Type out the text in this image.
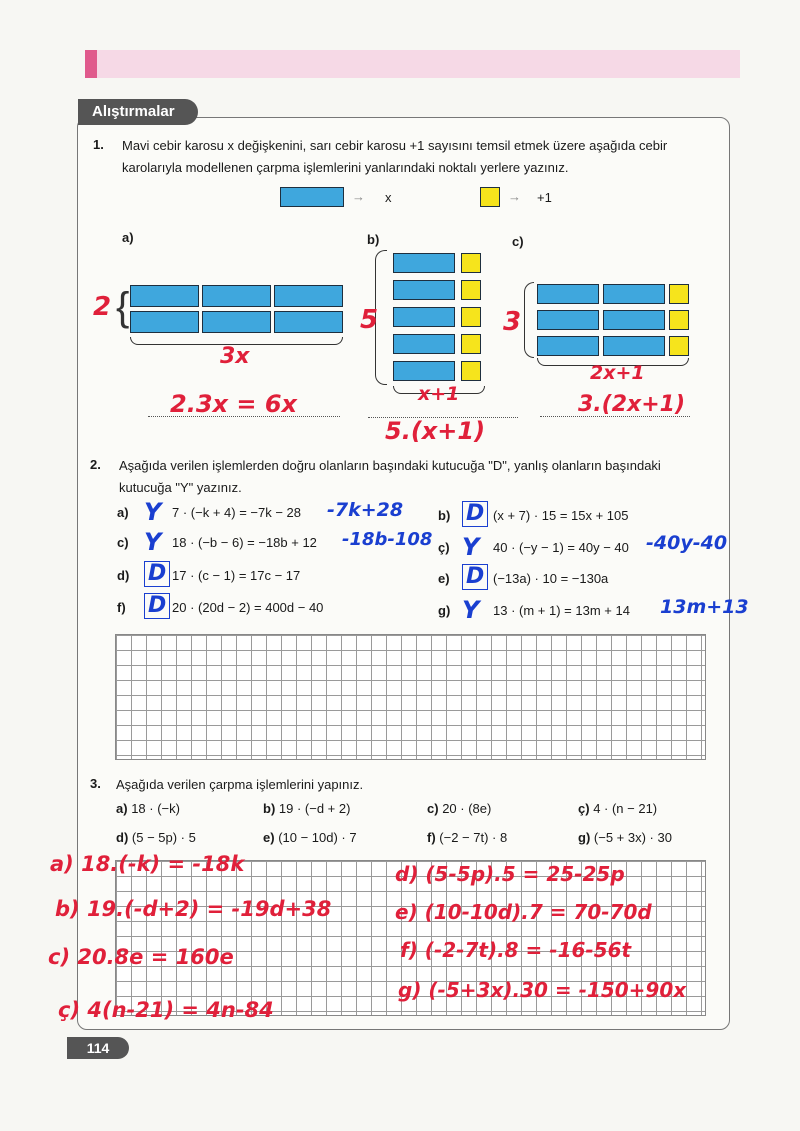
Alıştırmalar
1. Mavi cebir karosu x değişkenini, sarı cebir karosu +1 sayısını temsil etmek üzere aşağıda cebir
karolarıyla modellenen çarpma işlemlerini yanlarındaki noktalı yerlere yazınız.
→ x	→ +1
a)	b)	c)
{
2
3x
2.3x = 6x
5
x+1
5.(x+1)
3
2x+1
3.(2x+1)
2. Aşağıda verilen işlemlerden doğru olanların başındaki kutucuğa "D", yanlış olanların başındaki
kutucuğa "Y" yazınız.
a) Y 7 · (−k + 4) = −7k − 28 -7k+28
c) Y 18 · (−b − 6) = −18b + 12 -18b-108
d) D 17 · (c − 1) = 17c − 17
f) D 20 · (20d − 2) = 400d − 40
b) D (x + 7) · 15 = 15x + 105
ç) Y 40 · (−y − 1) = 40y − 40 -40y-40
e) D (−13a) · 10 = −130a
g) Y 13 · (m + 1) = 13m + 14 13m+13
3. Aşağıda verilen çarpma işlemlerini yapınız.
a) 18 · (−k)	b) 19 · (−d + 2)	c) 20 · (8e)	ç) 4 · (n − 21)
d) (5 − 5p) · 5	e) (10 − 10d) · 7	f) (−2 − 7t) · 8	g) (−5 + 3x) · 30
a) 18.(-k) = -18k
b) 19.(-d+2) = -19d+38
c) 20.8e = 160e
ç) 4(n-21) = 4n-84
d) (5-5p).5 = 25-25p
e) (10-10d).7 = 70-70d
f) (-2-7t).8 = -16-56t
g) (-5+3x).30 = -150+90x
114
